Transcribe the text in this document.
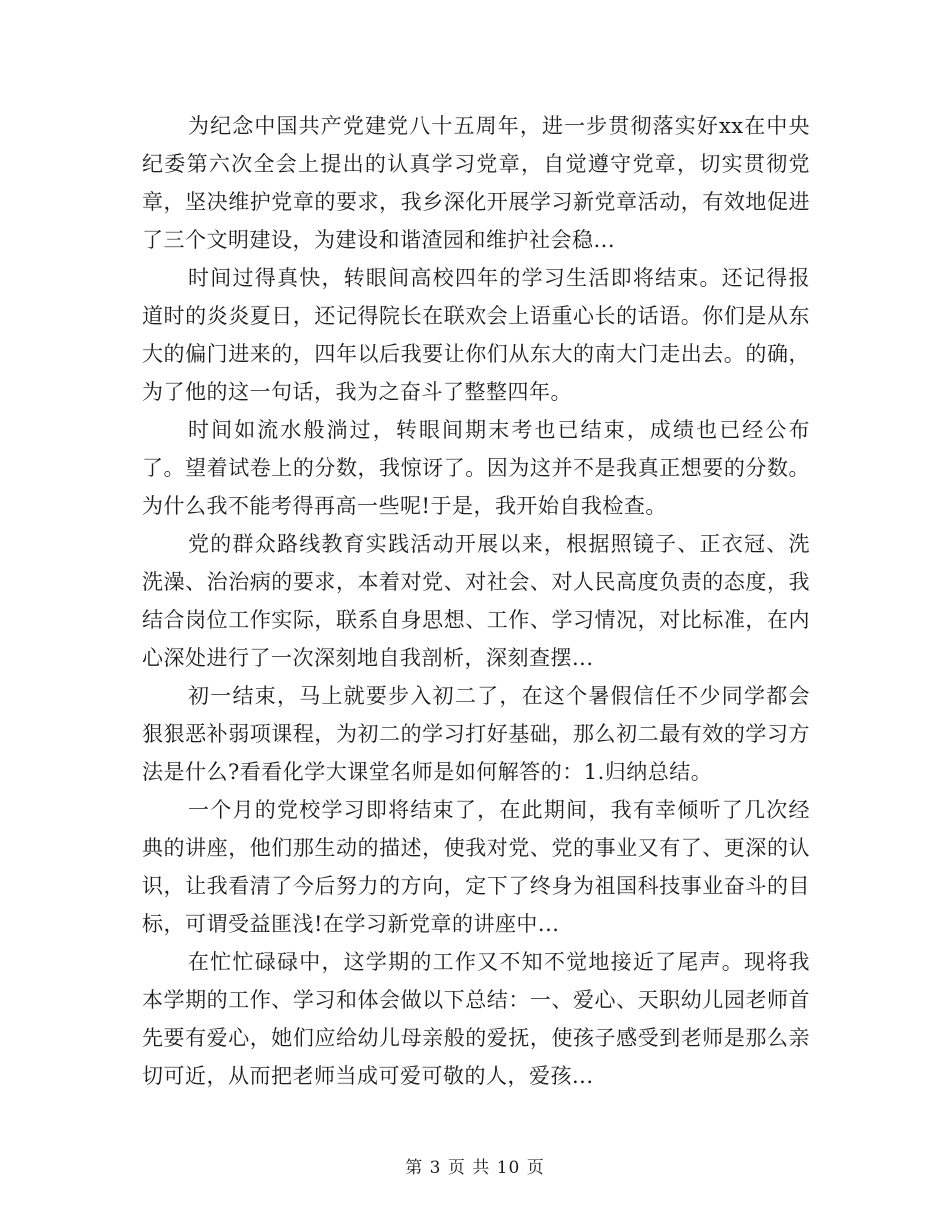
为纪念中国共产党建党八十五周年，进一步贯彻落实好xx在中央纪委第六次全会上提出的认真学习党章，自觉遵守党章，切实贯彻党章，坚决维护党章的要求，我乡深化开展学习新党章活动，有效地促进了三个文明建设，为建设和谐渣园和维护社会稳...

时间过得真快，转眼间高校四年的学习生活即将结束。还记得报道时的炎炎夏日，还记得院长在联欢会上语重心长的话语。你们是从东大的偏门进来的，四年以后我要让你们从东大的南大门走出去。的确，为了他的这一句话，我为之奋斗了整整四年。

时间如流水般淌过，转眼间期末考也已结束，成绩也已经公布了。望着试卷上的分数，我惊讶了。因为这并不是我真正想要的分数。为什么我不能考得再高一些呢!于是，我开始自我检查。

党的群众路线教育实践活动开展以来，根据照镜子、正衣冠、洗洗澡、治治病的要求，本着对党、对社会、对人民高度负责的态度，我结合岗位工作实际，联系自身思想、工作、学习情况，对比标准，在内心深处进行了一次深刻地自我剖析，深刻查摆...

初一结束，马上就要步入初二了，在这个暑假信任不少同学都会狠狠恶补弱项课程，为初二的学习打好基础，那么初二最有效的学习方法是什么?看看化学大课堂名师是如何解答的：1.归纳总结。

一个月的党校学习即将结束了，在此期间，我有幸倾听了几次经典的讲座，他们那生动的描述，使我对党、党的事业又有了、更深的认识，让我看清了今后努力的方向，定下了终身为祖国科技事业奋斗的目标，可谓受益匪浅!在学习新党章的讲座中...

在忙忙碌碌中，这学期的工作又不知不觉地接近了尾声。现将我本学期的工作、学习和体会做以下总结：一、爱心、天职幼儿园老师首先要有爱心，她们应给幼儿母亲般的爱抚，使孩子感受到老师是那么亲切可近，从而把老师当成可爱可敬的人，爱孩...

第 3 页 共 10 页
